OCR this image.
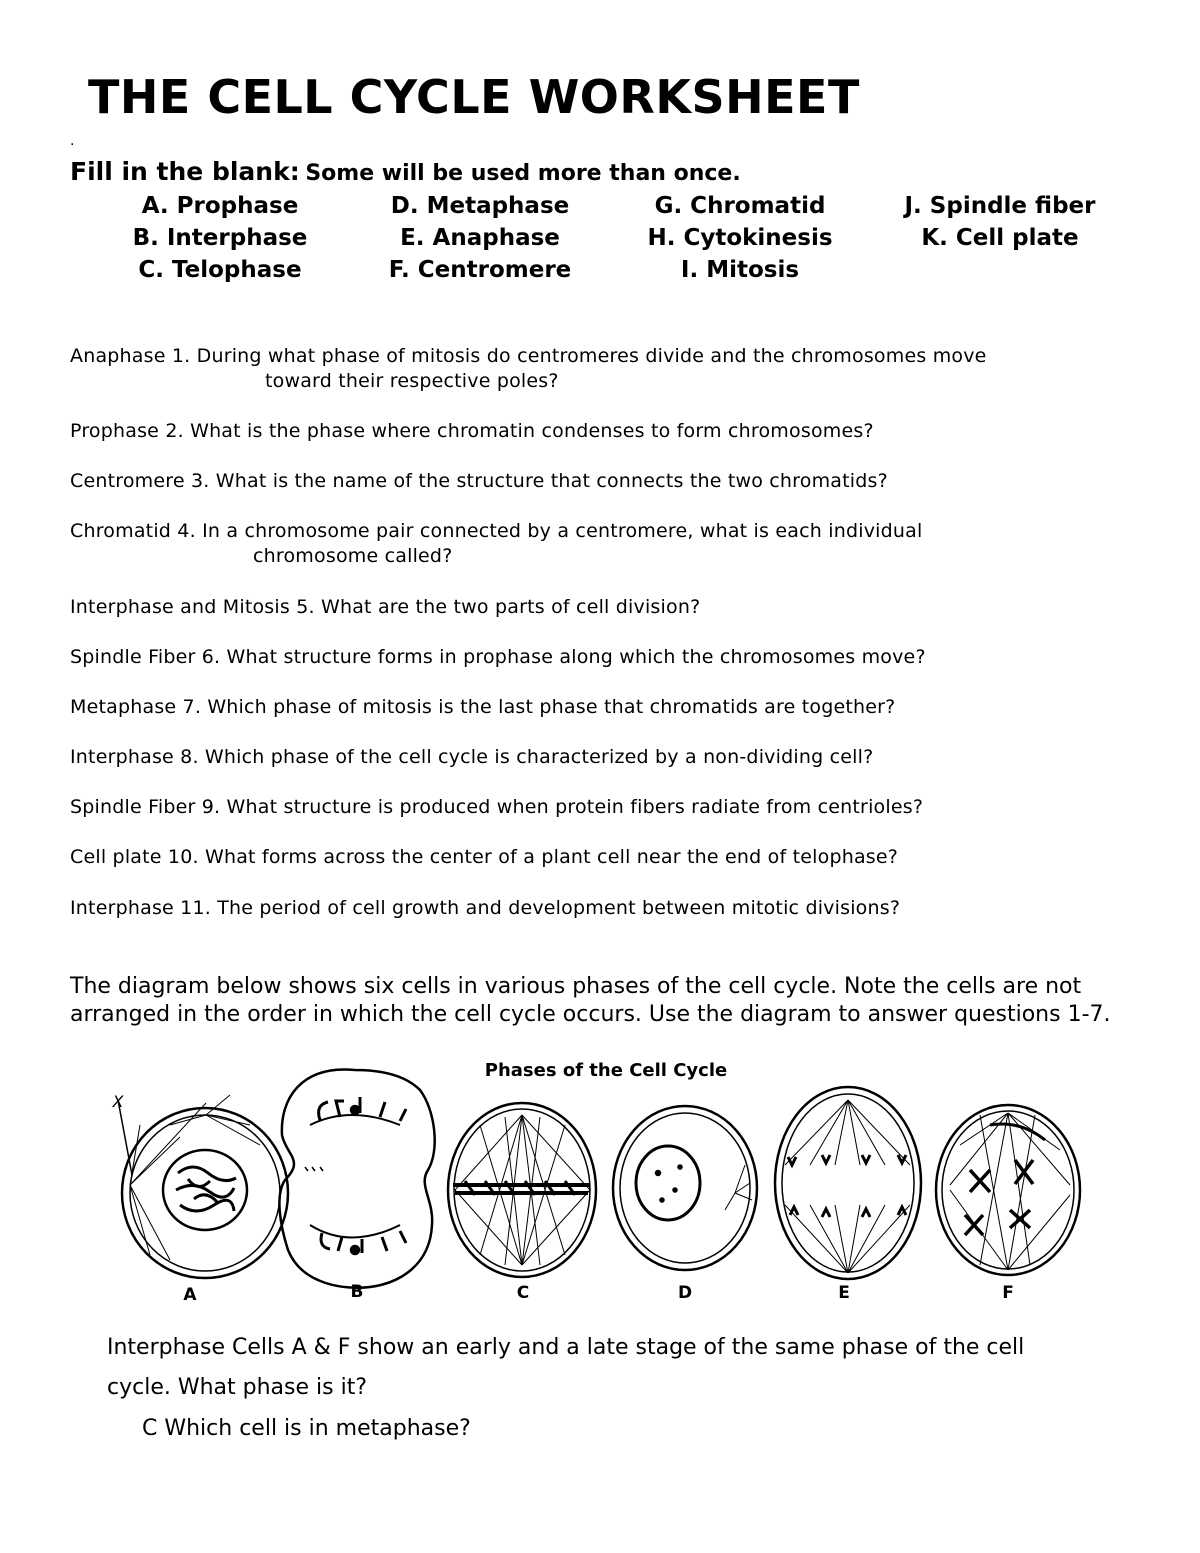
THE CELL CYCLE WORKSHEET
.
Fill in the blank: Some will be used more than once.
A. Prophase	D. Metaphase	G. Chromatid	J. Spindle fiber
B. Interphase	E. Anaphase	H. Cytokinesis	K. Cell plate
C. Telophase	F. Centromere	I. Mitosis
Anaphase 1. During what phase of mitosis do centromeres divide and the chromosomes move
toward their respective poles?
Prophase 2. What is the phase where chromatin condenses to form chromosomes?
Centromere 3. What is the name of the structure that connects the two chromatids?
Chromatid 4. In a chromosome pair connected by a centromere, what is each individual
chromosome called?
Interphase and Mitosis 5. What are the two parts of cell division?
Spindle Fiber 6. What structure forms in prophase along which the chromosomes move?
Metaphase 7. Which phase of mitosis is the last phase that chromatids are together?
Interphase 8. Which phase of the cell cycle is characterized by a non-dividing cell?
Spindle Fiber 9. What structure is produced when protein fibers radiate from centrioles?
Cell plate 10. What forms across the center of a plant cell near the end of telophase?
Interphase 11. The period of cell growth and development between mitotic divisions?

The diagram below shows six cells in various phases of the cell cycle. Note the cells are not arranged in the order in which the cell cycle occurs. Use the diagram to answer questions 1-7.

X
Phases of the Cell Cycle
A	B	C	D	E	F
Interphase Cells A & F show an early and a late stage of the same phase of the cell
cycle. What phase is it?
C Which cell is in metaphase?
